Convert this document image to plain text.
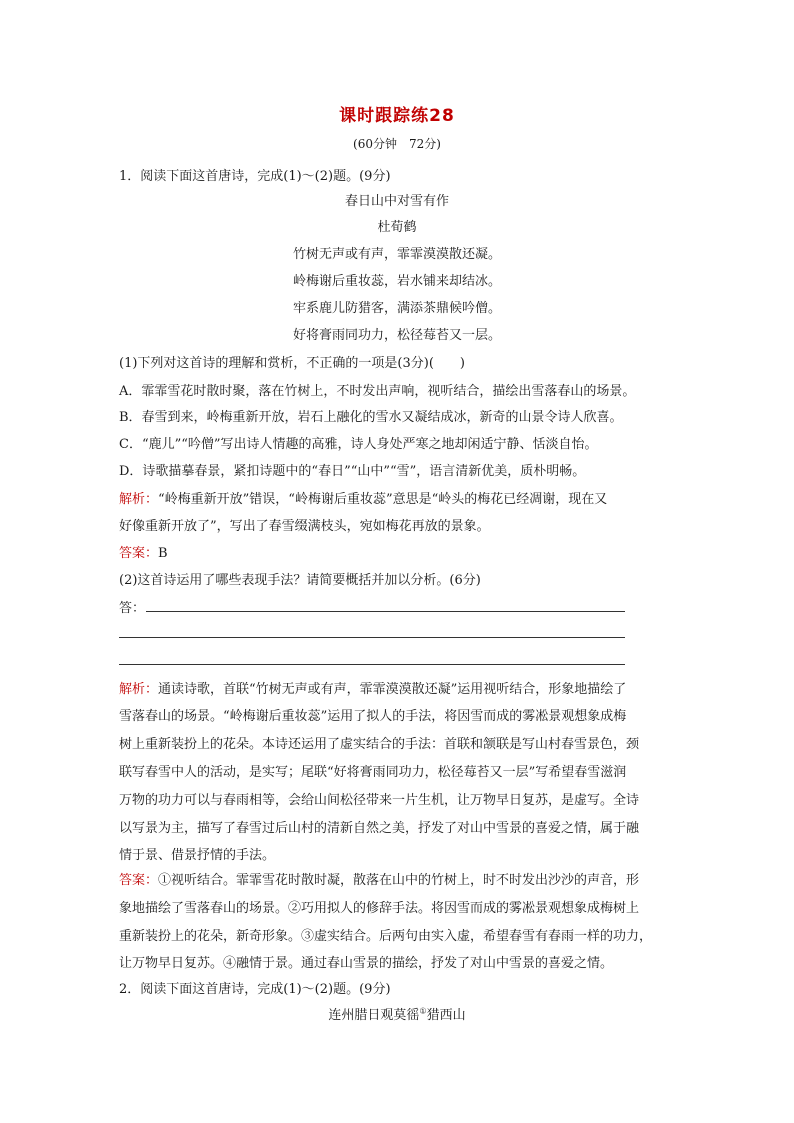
课时跟踪练28
(60分钟　72分)
1．阅读下面这首唐诗，完成(1)～(2)题。(9分)
春日山中对雪有作
杜荀鹤
竹树无声或有声，霏霏漠漠散还凝。
岭梅谢后重妆蕊，岩水铺来却结冰。
牢系鹿儿防猎客，满添茶鼎候吟僧。
好将膏雨同功力，松径莓苔又一层。
(1)下列对这首诗的理解和赏析，不正确的一项是(3分)(　　)
A．霏霏雪花时散时聚，落在竹树上，不时发出声响，视听结合，描绘出雪落春山的场景。
B．春雪到来，岭梅重新开放，岩石上融化的雪水又凝结成冰，新奇的山景令诗人欣喜。
C．“鹿儿”“吟僧”写出诗人情趣的高雅，诗人身处严寒之地却闲适宁静、恬淡自怡。
D．诗歌描摹春景，紧扣诗题中的“春日”“山中”“雪”，语言清新优美，质朴明畅。
解析：“岭梅重新开放”错误，“岭梅谢后重妆蕊”意思是“岭头的梅花已经凋谢，现在又
好像重新开放了”，写出了春雪缀满枝头，宛如梅花再放的景象。
答案：B
(2)这首诗运用了哪些表现手法？请简要概括并加以分析。(6分)
答：
解析：通读诗歌，首联“竹树无声或有声，霏霏漠漠散还凝”运用视听结合，形象地描绘了
雪落春山的场景。“岭梅谢后重妆蕊”运用了拟人的手法，将因雪而成的雾凇景观想象成梅
树上重新装扮上的花朵。本诗还运用了虚实结合的手法：首联和颔联是写山村春雪景色，颈
联写春雪中人的活动，是实写；尾联“好将膏雨同功力，松径莓苔又一层”写希望春雪滋润
万物的功力可以与春雨相等，会给山间松径带来一片生机，让万物早日复苏，是虚写。全诗
以写景为主，描写了春雪过后山村的清新自然之美，抒发了对山中雪景的喜爱之情，属于融
情于景、借景抒情的手法。
答案：①视听结合。霏霏雪花时散时凝，散落在山中的竹树上，时不时发出沙沙的声音，形
象地描绘了雪落春山的场景。②巧用拟人的修辞手法。将因雪而成的雾凇景观想象成梅树上
重新装扮上的花朵，新奇形象。③虚实结合。后两句由实入虚，希望春雪有春雨一样的功力，
让万物早日复苏。④融情于景。通过春山雪景的描绘，抒发了对山中雪景的喜爱之情。
2．阅读下面这首唐诗，完成(1)～(2)题。(9分)
连州腊日观莫徭①猎西山
